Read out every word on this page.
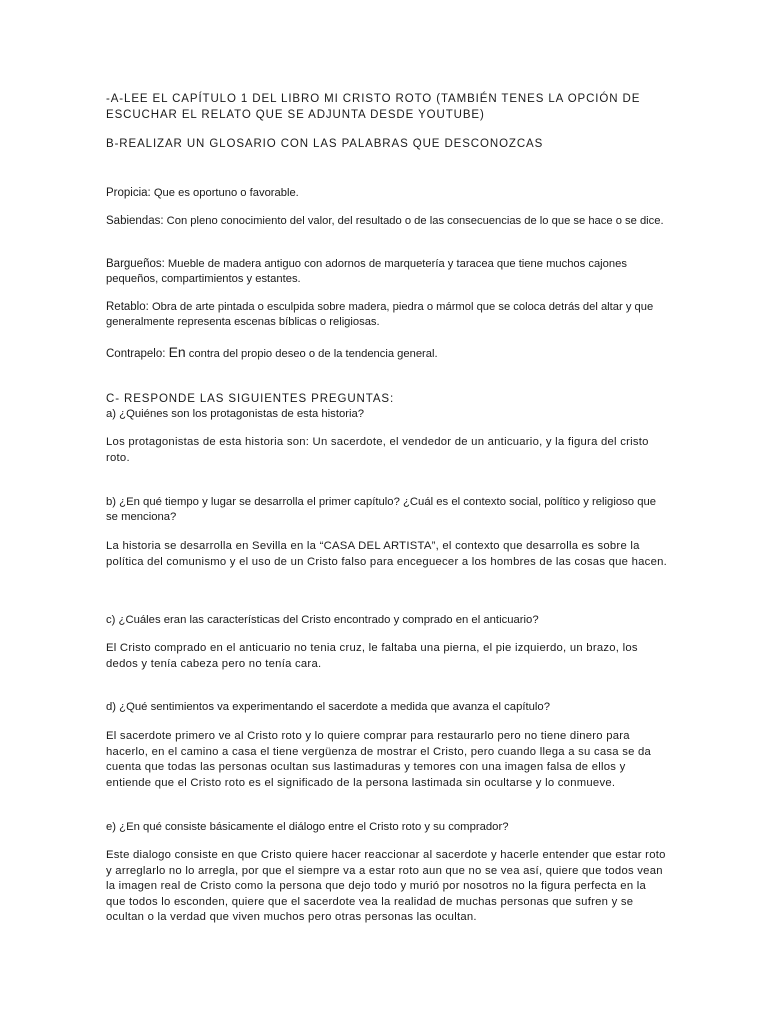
-A-LEE EL CAPÍTULO 1 DEL LIBRO MI CRISTO ROTO (TAMBIÉN TENES LA OPCIÓN DE ESCUCHAR EL RELATO QUE SE ADJUNTA DESDE YOUTUBE)

B-REALIZAR UN GLOSARIO CON LAS PALABRAS QUE DESCONOZCAS

Propicia: Que es oportuno o favorable.

Sabiendas: Con pleno conocimiento del valor, del resultado o de las consecuencias de lo que se hace o se dice.

Bargueños: Mueble de madera antiguo con adornos de marquetería y taracea que tiene muchos cajones pequeños, compartimientos y estantes.

Retablo: Obra de arte pintada o esculpida sobre madera, piedra o mármol que se coloca detrás del altar y que generalmente representa escenas bíblicas o religiosas.

Contrapelo: En contra del propio deseo o de la tendencia general.

C- RESPONDE LAS SIGUIENTES PREGUNTAS:

a) ¿Quiénes son los protagonistas de esta historia?

Los protagonistas de esta historia son: Un sacerdote, el vendedor de un anticuario, y la figura del cristo roto.

b) ¿En qué tiempo y lugar se desarrolla el primer capítulo? ¿Cuál es el contexto social, político y religioso que se menciona?

La historia se desarrolla en Sevilla en la “CASA DEL ARTISTA”, el contexto que desarrolla es sobre la política del comunismo y el uso de un Cristo falso para enceguecer a los hombres de las cosas que hacen.

c) ¿Cuáles eran las características del Cristo encontrado y comprado en el anticuario?

El Cristo comprado en el anticuario no tenia cruz, le faltaba una pierna, el pie izquierdo, un brazo, los dedos y tenía cabeza pero no tenía cara.

d) ¿Qué sentimientos va experimentando el sacerdote a medida que avanza el capítulo?

El sacerdote primero ve al Cristo roto y lo quiere comprar para restaurarlo pero no tiene dinero para hacerlo, en el camino a casa el tiene vergüenza de mostrar el Cristo, pero cuando llega a su casa se da cuenta que todas las personas ocultan sus lastimaduras y temores con una imagen falsa de ellos y entiende que el Cristo roto es el significado de la persona lastimada sin ocultarse y lo conmueve.

e) ¿En qué consiste básicamente el diálogo entre el Cristo roto y su comprador?

Este dialogo consiste en que Cristo quiere hacer reaccionar al sacerdote y hacerle entender que estar roto y arreglarlo no lo arregla, por que el siempre va a estar roto aun que no se vea así, quiere que todos vean la imagen real de Cristo como la persona que dejo todo y murió por nosotros no la figura perfecta en la que todos lo esconden, quiere que el sacerdote vea la realidad de muchas personas que sufren y se ocultan o la verdad que viven muchos pero otras personas las ocultan.
